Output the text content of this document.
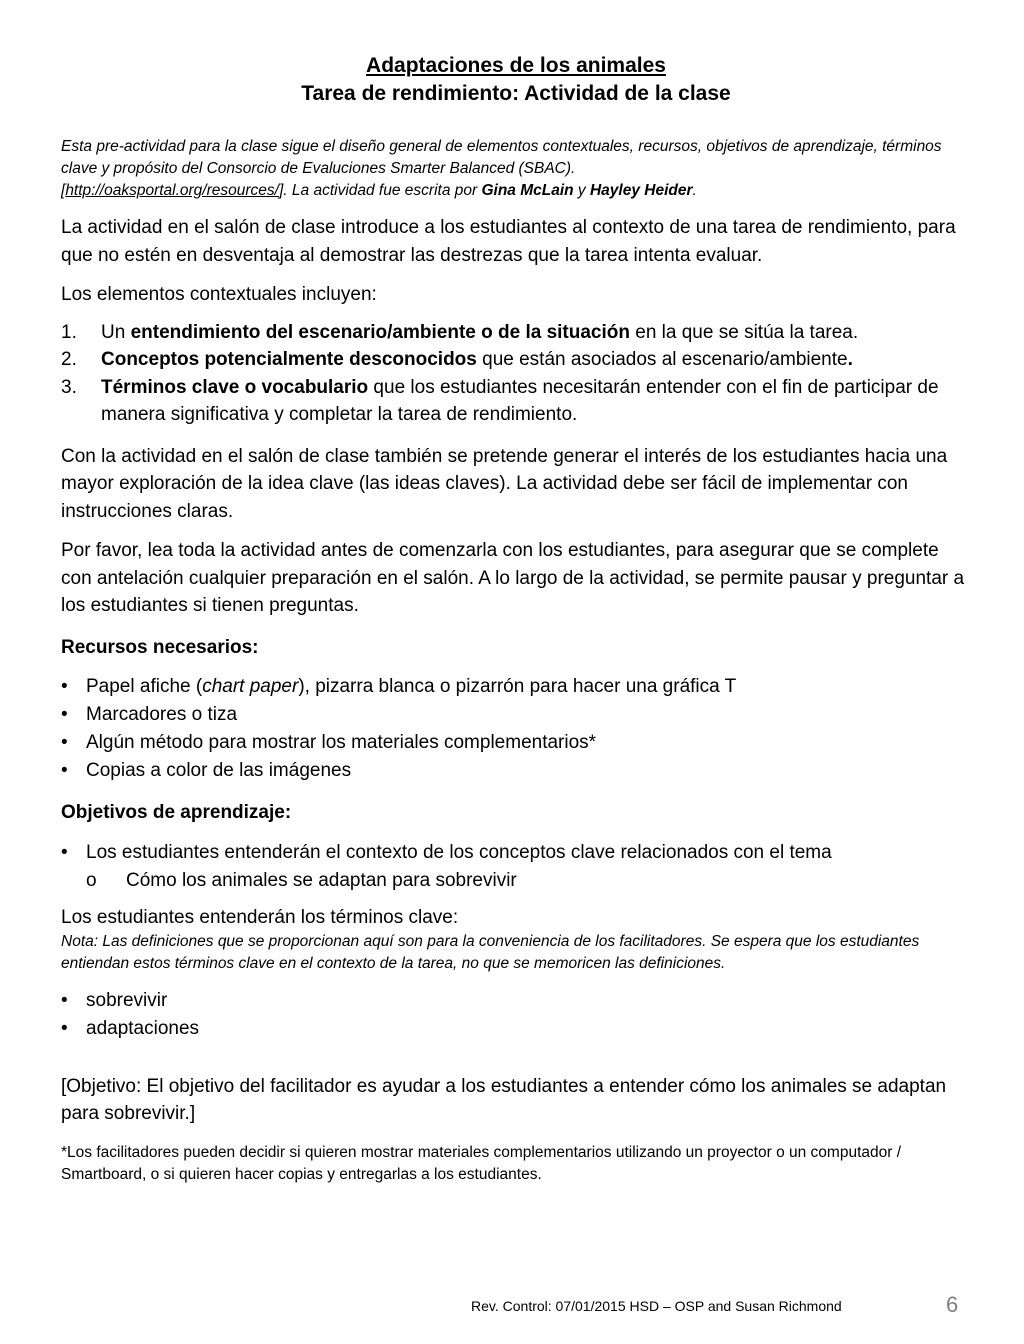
Adaptaciones de los animales
Tarea de rendimiento: Actividad de la clase

Esta pre-actividad para la clase sigue el diseño general de elementos contextuales, recursos, objetivos de aprendizaje, términos clave y propósito del Consorcio de Evaluciones Smarter Balanced (SBAC).
[http://oaksportal.org/resources/]. La actividad fue escrita por Gina McLain y Hayley Heider.

La actividad en el salón de clase introduce a los estudiantes al contexto de una tarea de rendimiento, para que no estén en desventaja al demostrar las destrezas que la tarea intenta evaluar.

Los elementos contextuales incluyen:

1. Un entendimiento del escenario/ambiente o de la situación en la que se sitúa la tarea.
2. Conceptos potencialmente desconocidos que están asociados al escenario/ambiente.
3. Términos clave o vocabulario que los estudiantes necesitarán entender con el fin de participar de manera significativa y completar la tarea de rendimiento.

Con la actividad en el salón de clase también se pretende generar el interés de los estudiantes hacia una mayor exploración de la idea clave (las ideas claves). La actividad debe ser fácil de implementar con instrucciones claras.

Por favor, lea toda la actividad antes de comenzarla con los estudiantes, para asegurar que se complete con antelación cualquier preparación en el salón. A lo largo de la actividad, se permite pausar y preguntar a los estudiantes si tienen preguntas.

Recursos necesarios:

• Papel afiche (chart paper), pizarra blanca o pizarrón para hacer una gráfica T
• Marcadores o tiza
• Algún método para mostrar los materiales complementarios*
• Copias a color de las imágenes

Objetivos de aprendizaje:

• Los estudiantes entenderán el contexto de los conceptos clave relacionados con el tema
o Cómo los animales se adaptan para sobrevivir

Los estudiantes entenderán los términos clave:

Nota: Las definiciones que se proporcionan aquí son para la conveniencia de los facilitadores. Se espera que los estudiantes entiendan estos términos clave en el contexto de la tarea, no que se memoricen las definiciones.

• sobrevivir
• adaptaciones

[Objetivo: El objetivo del facilitador es ayudar a los estudiantes a entender cómo los animales se adaptan para sobrevivir.]

*Los facilitadores pueden decidir si quieren mostrar materiales complementarios utilizando un proyector o un computador / Smartboard, o si quieren hacer copias y entregarlas a los estudiantes.

Rev. Control: 07/01/2015 HSD – OSP and Susan Richmond	6
